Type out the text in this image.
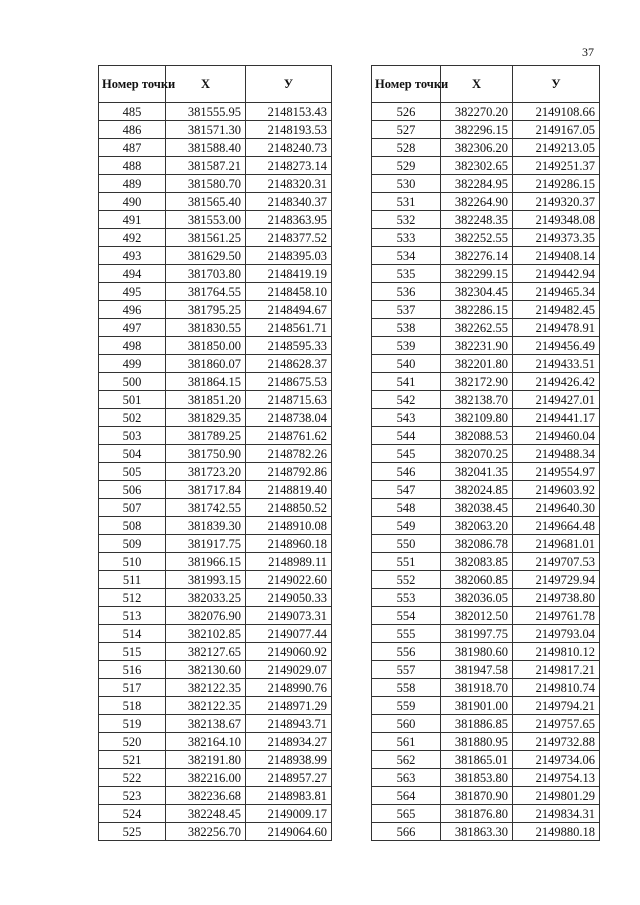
37
Номер точки	Х	У
485	381555.95	2148153.43
486	381571.30	2148193.53
487	381588.40	2148240.73
488	381587.21	2148273.14
489	381580.70	2148320.31
490	381565.40	2148340.37
491	381553.00	2148363.95
492	381561.25	2148377.52
493	381629.50	2148395.03
494	381703.80	2148419.19
495	381764.55	2148458.10
496	381795.25	2148494.67
497	381830.55	2148561.71
498	381850.00	2148595.33
499	381860.07	2148628.37
500	381864.15	2148675.53
501	381851.20	2148715.63
502	381829.35	2148738.04
503	381789.25	2148761.62
504	381750.90	2148782.26
505	381723.20	2148792.86
506	381717.84	2148819.40
507	381742.55	2148850.52
508	381839.30	2148910.08
509	381917.75	2148960.18
510	381966.15	2148989.11
511	381993.15	2149022.60
512	382033.25	2149050.33
513	382076.90	2149073.31
514	382102.85	2149077.44
515	382127.65	2149060.92
516	382130.60	2149029.07
517	382122.35	2148990.76
518	382122.35	2148971.29
519	382138.67	2148943.71
520	382164.10	2148934.27
521	382191.80	2148938.99
522	382216.00	2148957.27
523	382236.68	2148983.81
524	382248.45	2149009.17
525	382256.70	2149064.60
Номер точки	Х	У
526	382270.20	2149108.66
527	382296.15	2149167.05
528	382306.20	2149213.05
529	382302.65	2149251.37
530	382284.95	2149286.15
531	382264.90	2149320.37
532	382248.35	2149348.08
533	382252.55	2149373.35
534	382276.14	2149408.14
535	382299.15	2149442.94
536	382304.45	2149465.34
537	382286.15	2149482.45
538	382262.55	2149478.91
539	382231.90	2149456.49
540	382201.80	2149433.51
541	382172.90	2149426.42
542	382138.70	2149427.01
543	382109.80	2149441.17
544	382088.53	2149460.04
545	382070.25	2149488.34
546	382041.35	2149554.97
547	382024.85	2149603.92
548	382038.45	2149640.30
549	382063.20	2149664.48
550	382086.78	2149681.01
551	382083.85	2149707.53
552	382060.85	2149729.94
553	382036.05	2149738.80
554	382012.50	2149761.78
555	381997.75	2149793.04
556	381980.60	2149810.12
557	381947.58	2149817.21
558	381918.70	2149810.74
559	381901.00	2149794.21
560	381886.85	2149757.65
561	381880.95	2149732.88
562	381865.01	2149734.06
563	381853.80	2149754.13
564	381870.90	2149801.29
565	381876.80	2149834.31
566	381863.30	2149880.18
